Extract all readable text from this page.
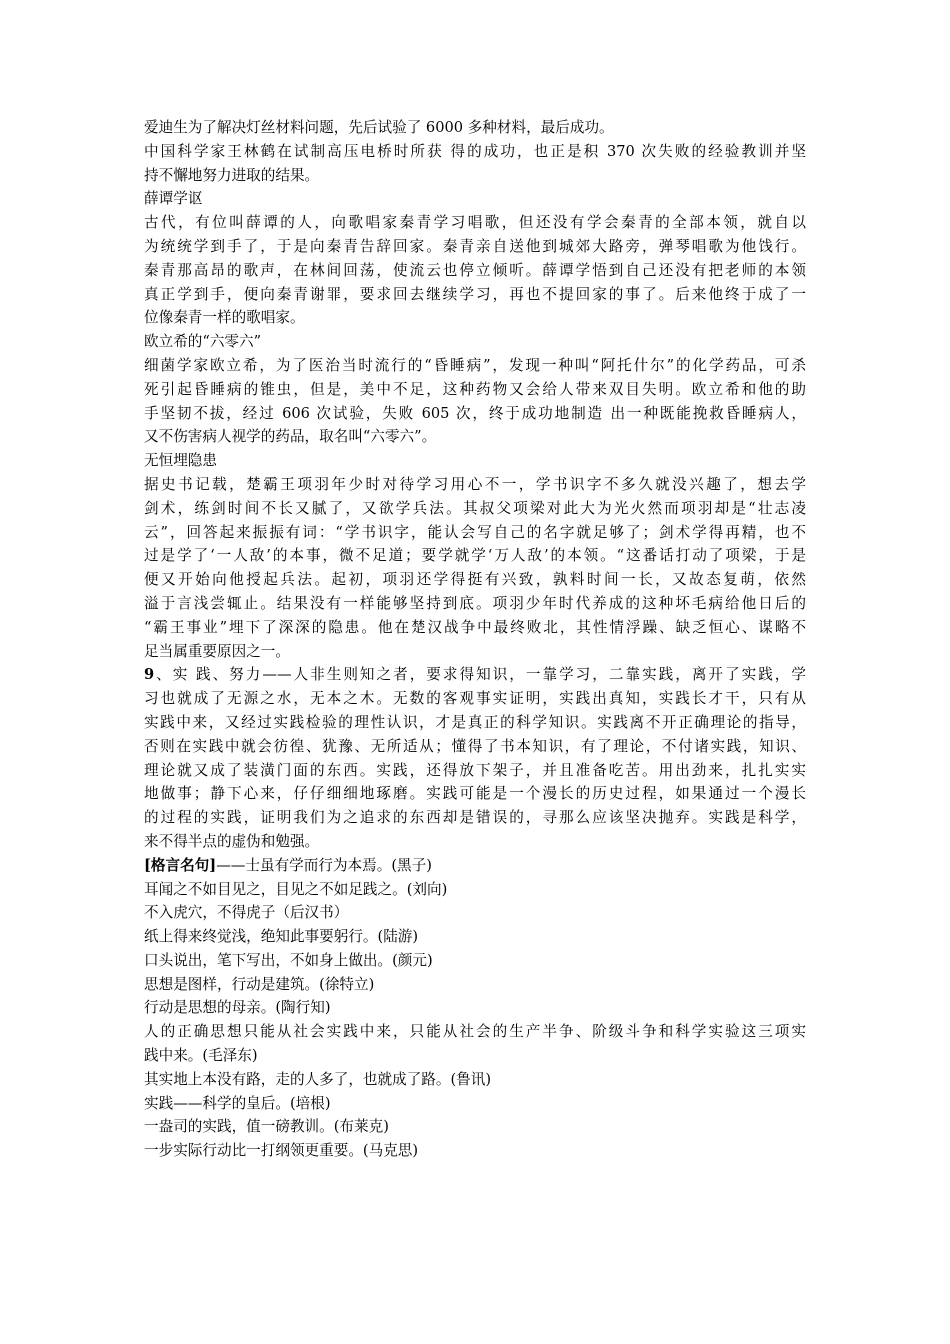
爱迪生为了解决灯丝材料问题，先后试验了 6000 多种材料，最后成功。

中国科学家王林鹤在试制高压电桥时所获 得的成功，也正是积 370 次失败的经验教训并坚

持不懈地努力进取的结果。

薛谭学讴

古代，有位叫薛谭的人，向歌唱家秦青学习唱歌，但还没有学会秦青的全部本领，就自以

为统统学到手了，于是向秦青告辞回家。秦青亲自送他到城郊大路旁，弹琴唱歌为他饯行。

秦青那高昂的歌声，在林间回荡，使流云也停立倾听。薛谭学悟到自己还没有把老师的本领

真正学到手，便向秦青谢罪，要求回去继续学习，再也不提回家的事了。后来他终于成了一

位像秦青一样的歌唱家。

欧立希的“六零六”

细菌学家欧立希，为了医治当时流行的“昏睡病”，发现一种叫“阿托什尔”的化学药品，可杀

死引起昏睡病的锥虫，但是，美中不足，这种药物又会给人带来双目失明。欧立希和他的助

手坚韧不拔，经过 606 次试验，失败 605 次，终于成功地制造 出一种既能挽救昏睡病人，

又不伤害病人视学的药品，取名叫“六零六”。

无恒埋隐患

据史书记载，楚霸王项羽年少时对待学习用心不一，学书识字不多久就没兴趣了，想去学

剑术，练剑时间不长又腻了，又欲学兵法。其叔父项梁对此大为光火然而项羽却是“壮志凌

云”，回答起来振振有词：“学书识字，能认会写自己的名字就足够了；剑术学得再精，也不

过是学了‘一人敌’的本事，微不足道；要学就学‘万人敌’的本领。“这番话打动了项梁，于是

便又开始向他授起兵法。起初，项羽还学得挺有兴致，孰料时间一长，又故态复萌，依然

溢于言浅尝辄止。结果没有一样能够坚持到底。项羽少年时代养成的这种坏毛病给他日后的

“霸王事业”埋下了深深的隐患。他在楚汉战争中最终败北，其性情浮躁、缺乏恒心、谋略不

足当属重要原因之一。

9、实 践、努力——人非生则知之者，要求得知识，一靠学习，二靠实践，离开了实践，学

习也就成了无源之水，无本之木。无数的客观事实证明，实践出真知，实践长才干，只有从

实践中来，又经过实践检验的理性认识，才是真正的科学知识。实践离不开正确理论的指导，

否则在实践中就会彷徨、犹豫、无所适从；懂得了书本知识，有了理论，不付诸实践，知识、

理论就又成了装潢门面的东西。实践，还得放下架子，并且准备吃苦。用出劲来，扎扎实实

地做事；静下心来，仔仔细细地琢磨。实践可能是一个漫长的历史过程，如果通过一个漫长

的过程的实践，证明我们为之追求的东西却是错误的，寻那么应该坚决抛弃。实践是科学，

来不得半点的虚伪和勉强。

[格言名句]——士虽有学而行为本焉。(黑子)

耳闻之不如目见之，目见之不如足践之。(刘向)

不入虎穴，不得虎子（后汉书）

纸上得来终觉浅，绝知此事要躬行。(陆游)

口头说出，笔下写出，不如身上做出。(颜元)

思想是图样，行动是建筑。(徐特立)

行动是思想的母亲。(陶行知)

人的正确思想只能从社会实践中来，只能从社会的生产半争、阶级斗争和科学实验这三项实

践中来。(毛泽东)

其实地上本没有路，走的人多了，也就成了路。(鲁讯)

实践——科学的皇后。(培根)

一盎司的实践，值一磅教训。(布莱克)

一步实际行动比一打纲领更重要。(马克思)
